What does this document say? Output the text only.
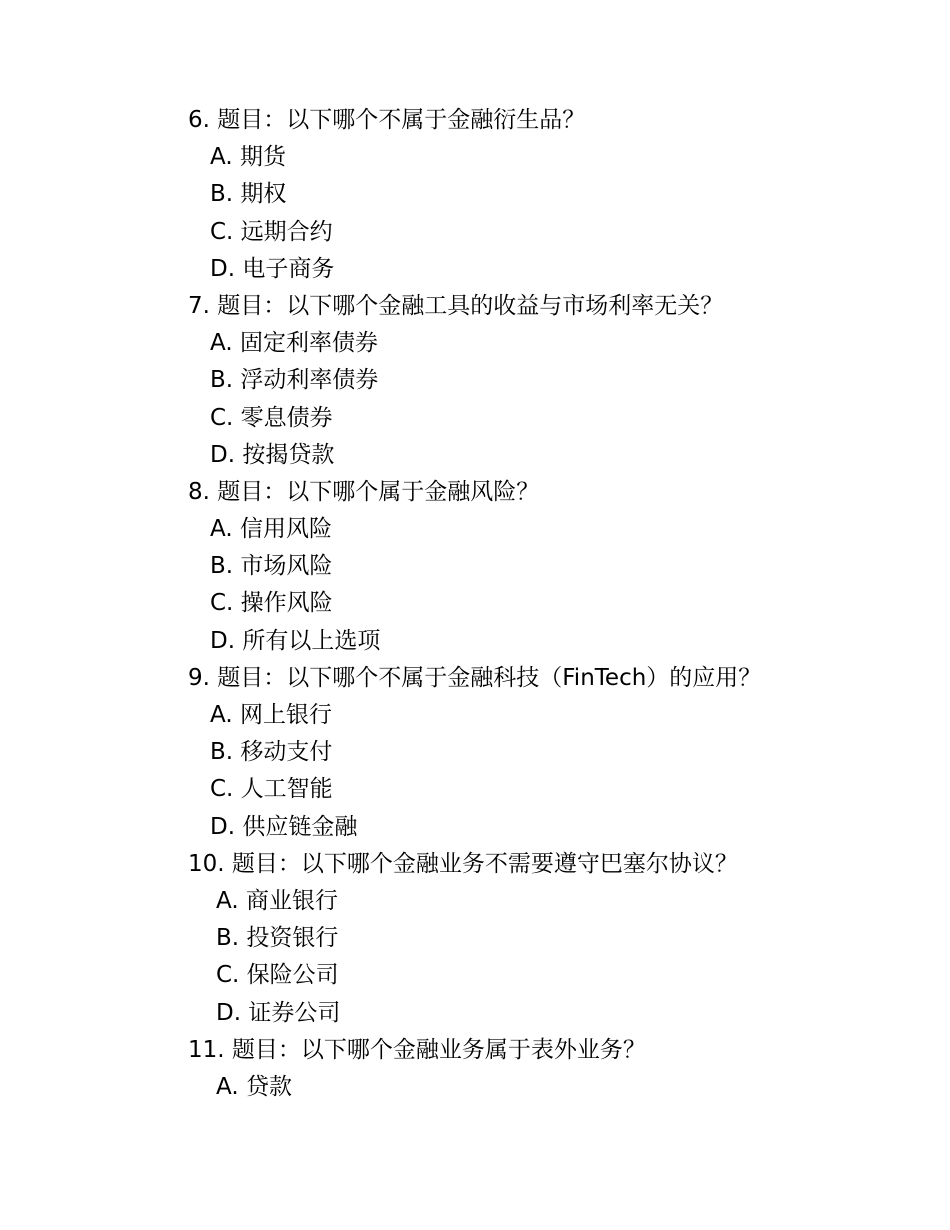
6. 题目：以下哪个不属于金融衍生品？
A. 期货
B. 期权
C. 远期合约
D. 电子商务
7. 题目：以下哪个金融工具的收益与市场利率无关？
A. 固定利率债券
B. 浮动利率债券
C. 零息债券
D. 按揭贷款
8. 题目：以下哪个属于金融风险？
A. 信用风险
B. 市场风险
C. 操作风险
D. 所有以上选项
9. 题目：以下哪个不属于金融科技（FinTech）的应用？
A. 网上银行
B. 移动支付
C. 人工智能
D. 供应链金融
10. 题目：以下哪个金融业务不需要遵守巴塞尔协议？
A. 商业银行
B. 投资银行
C. 保险公司
D. 证券公司
11. 题目：以下哪个金融业务属于表外业务？
A. 贷款
